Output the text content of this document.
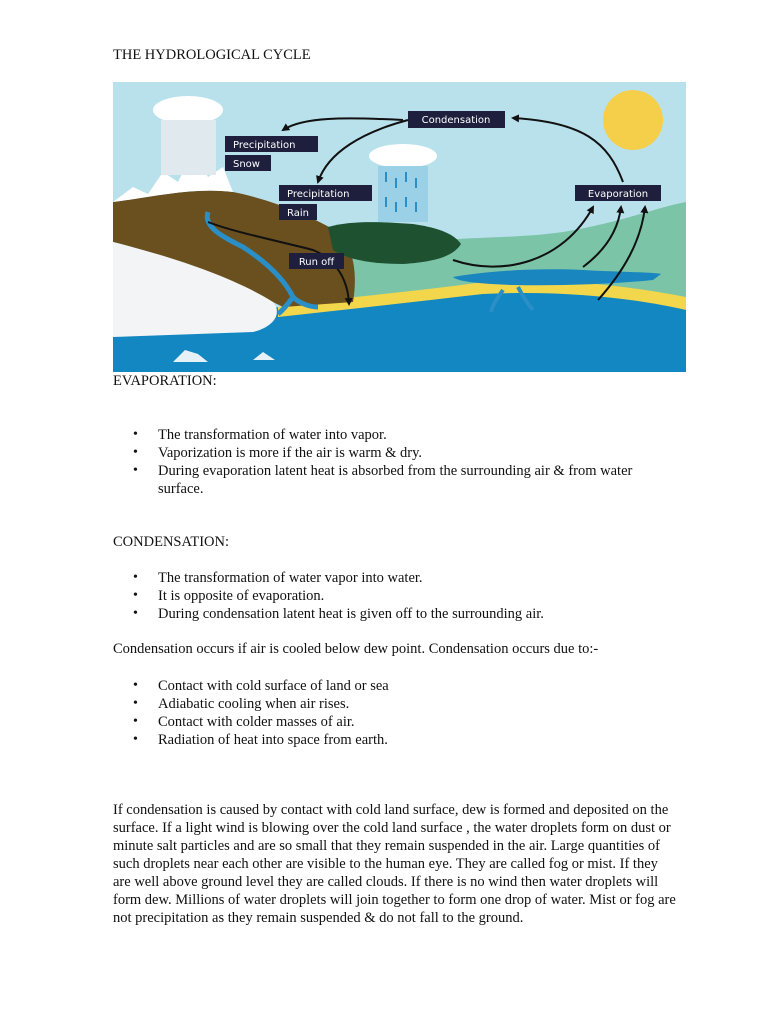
THE HYDROLOGICAL CYCLE
Condensation
Precipitation
Snow
Precipitation
Rain
Evaporation
Run off

EVAPORATION:

• The transformation of water into vapor.
• Vaporization is more if the air is warm & dry.
• During evaporation latent heat is absorbed from the surrounding air & from water surface.

CONDENSATION:

• The transformation of water vapor into water.
• It is opposite of evaporation.
• During condensation latent heat is given off to the surrounding air.

Condensation occurs if air is cooled below dew point. Condensation occurs due to:-

• Contact with cold surface of land or sea
• Adiabatic cooling when air rises.
• Contact with colder masses of air.
• Radiation of heat into space from earth.

If condensation is caused by contact with cold land surface, dew is formed and deposited on the surface. If a light wind is blowing over the cold land surface , the water droplets form on dust or minute salt particles and are so small that they remain suspended in the air. Large quantities of such droplets near each other are visible to the human eye. They are called fog or mist. If they are well above ground level they are called clouds. If there is no wind then water droplets will form dew. Millions of water droplets will join together to form one drop of water. Mist or fog are not precipitation as they remain suspended & do not fall to the ground.
